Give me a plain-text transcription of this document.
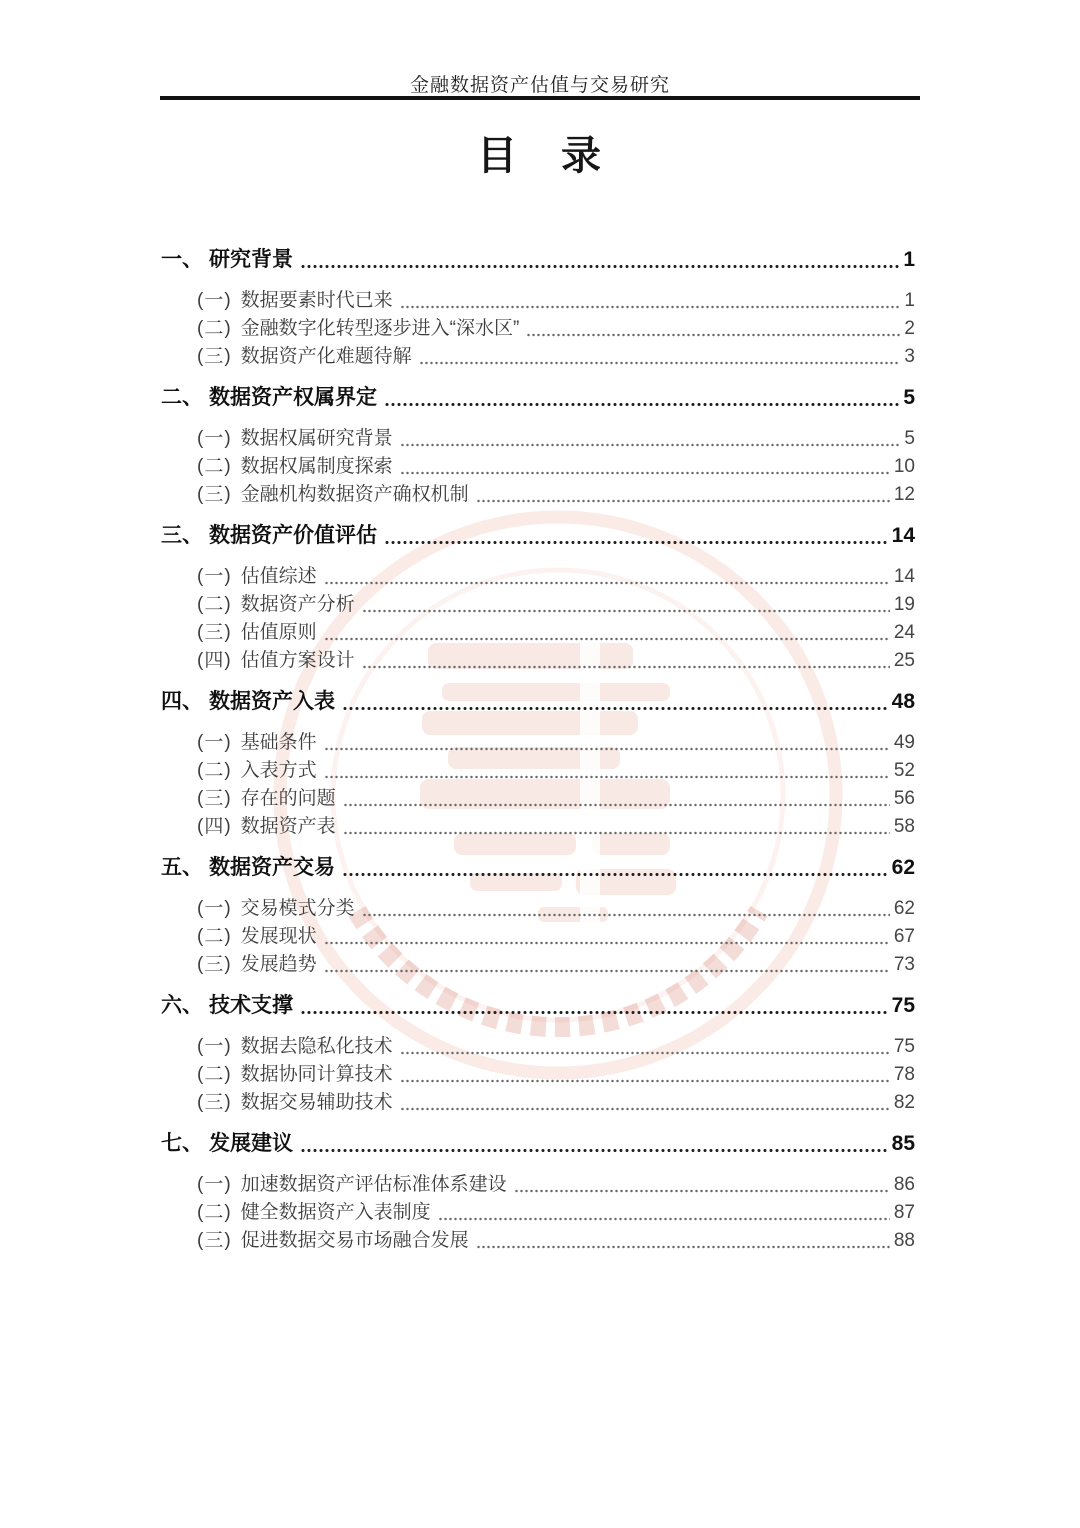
金融数据资产估值与交易研究
目　录
一、 研究背景	1
(一) 数据要素时代已来	1
(二) 金融数字化转型逐步进入“深水区”	2
(三) 数据资产化难题待解	3
二、 数据资产权属界定	5
(一) 数据权属研究背景	5
(二) 数据权属制度探索	10
(三) 金融机构数据资产确权机制	12
三、 数据资产价值评估	14
(一) 估值综述	14
(二) 数据资产分析	19
(三) 估值原则	24
(四) 估值方案设计	25
四、 数据资产入表	48
(一) 基础条件	49
(二) 入表方式	52
(三) 存在的问题	56
(四) 数据资产表	58
五、 数据资产交易	62
(一) 交易模式分类	62
(二) 发展现状	67
(三) 发展趋势	73
六、 技术支撑	75
(一) 数据去隐私化技术	75
(二) 数据协同计算技术	78
(三) 数据交易辅助技术	82
七、 发展建议	85
(一) 加速数据资产评估标准体系建设	86
(二) 健全数据资产入表制度	87
(三) 促进数据交易市场融合发展	88
